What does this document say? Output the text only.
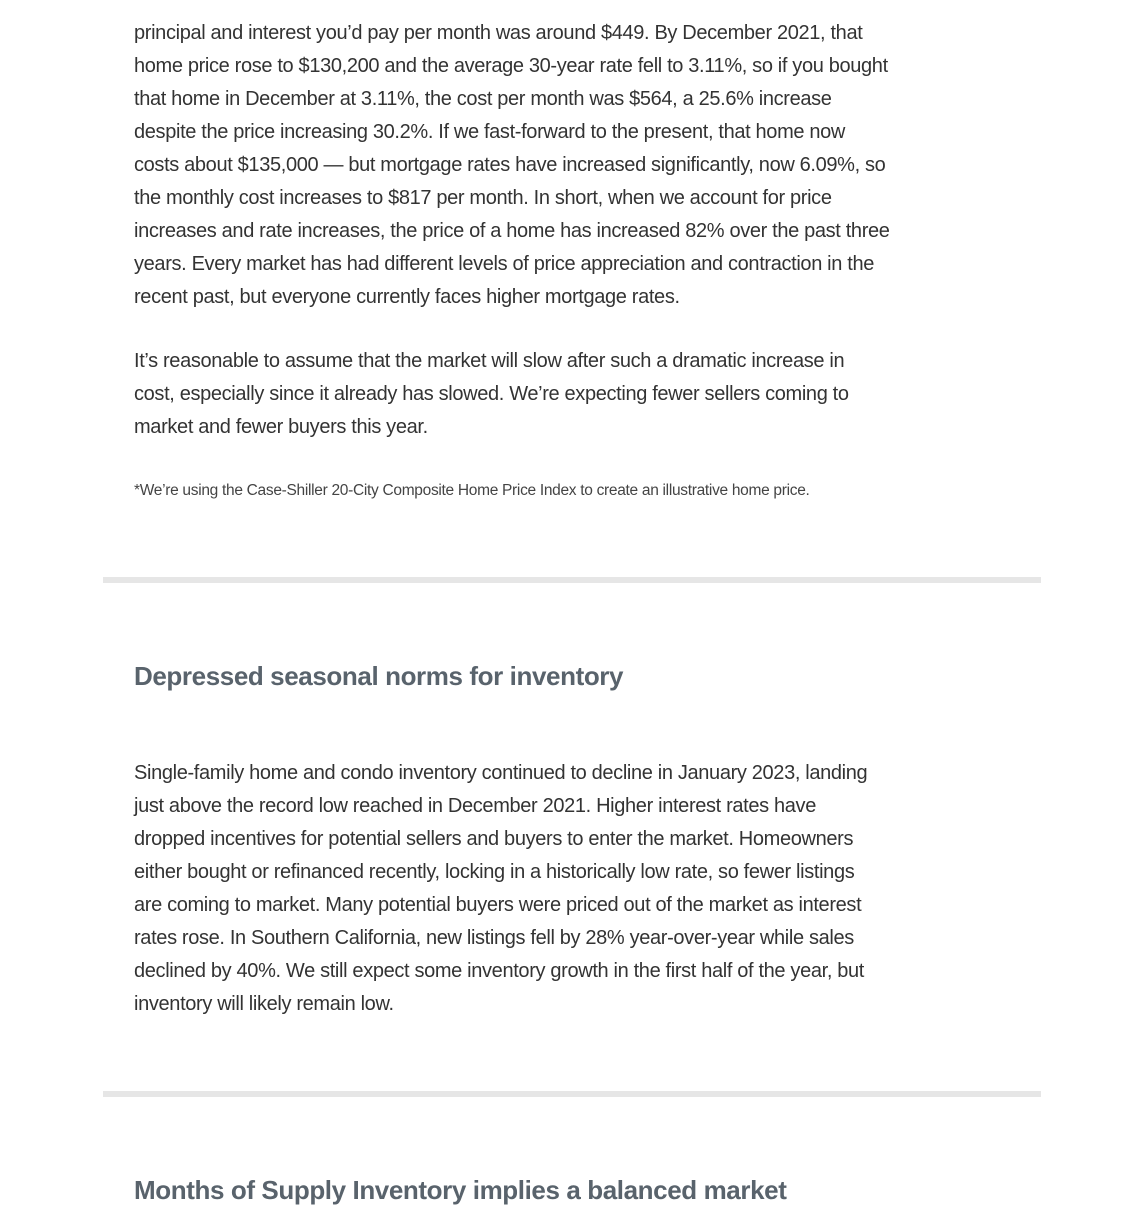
principal and interest you’d pay per month was around $449. By December 2021, that
home price rose to $130,200 and the average 30-year rate fell to 3.11%, so if you bought
that home in December at 3.11%, the cost per month was $564, a 25.6% increase
despite the price increasing 30.2%. If we fast-forward to the present, that home now
costs about $135,000 — but mortgage rates have increased significantly, now 6.09%, so
the monthly cost increases to $817 per month. In short, when we account for price
increases and rate increases, the price of a home has increased 82% over the past three
years. Every market has had different levels of price appreciation and contraction in the
recent past, but everyone currently faces higher mortgage rates.
It’s reasonable to assume that the market will slow after such a dramatic increase in
cost, especially since it already has slowed. We’re expecting fewer sellers coming to
market and fewer buyers this year.
*We’re using the Case-Shiller 20-City Composite Home Price Index to create an illustrative home price.
Depressed seasonal norms for inventory
Single-family home and condo inventory continued to decline in January 2023, landing
just above the record low reached in December 2021. Higher interest rates have
dropped incentives for potential sellers and buyers to enter the market. Homeowners
either bought or refinanced recently, locking in a historically low rate, so fewer listings
are coming to market. Many potential buyers were priced out of the market as interest
rates rose. In Southern California, new listings fell by 28% year-over-year while sales
declined by 40%. We still expect some inventory growth in the first half of the year, but
inventory will likely remain low.
Months of Supply Inventory implies a balanced market
